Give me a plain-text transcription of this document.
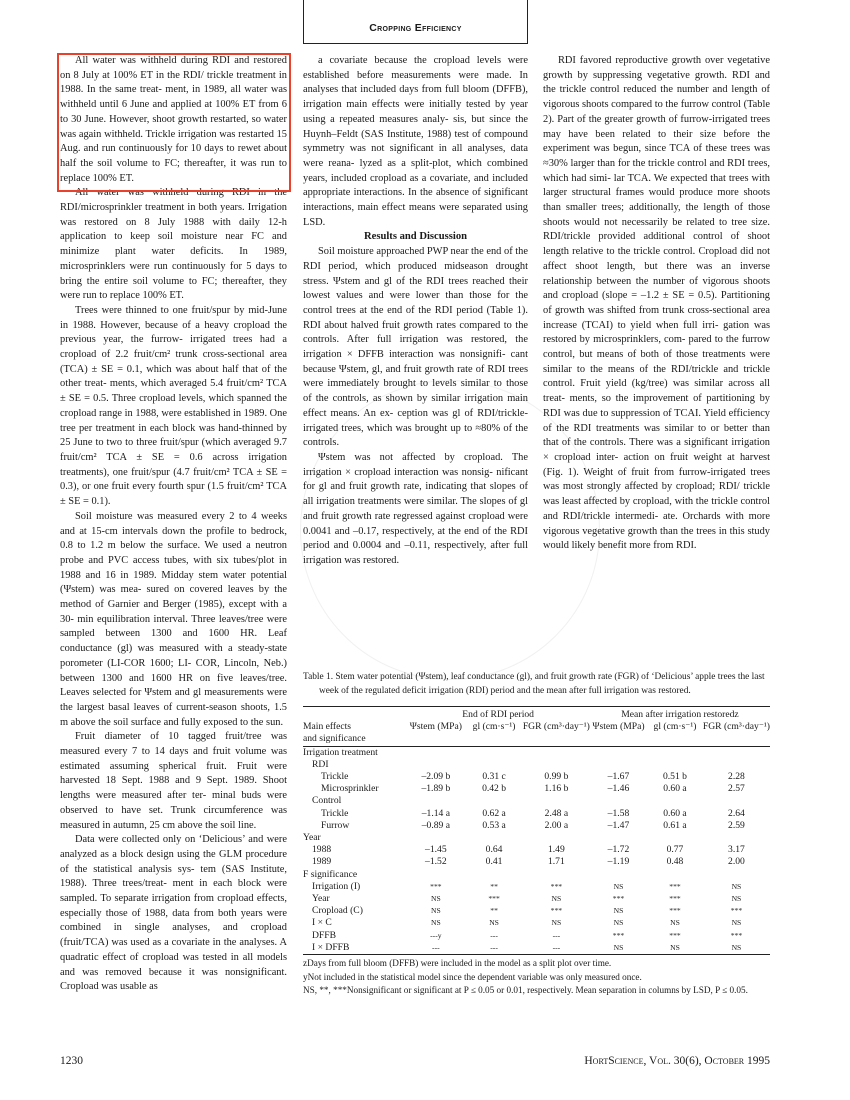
Cropping Efficiency

All water was withheld during RDI and restored on 8 July at 100% ET in the RDI/ trickle treatment in 1988. In the same treat- ment, in 1989, all water was withheld until 6 June and applied at 100% ET from 6 to 30 June. However, shoot growth restarted, so water was again withheld. Trickle irrigation was restarted 15 Aug. and run continuously for 10 days to rewet about half the soil volume to FC; thereafter, it was run to replace 100% ET.

All water was withheld during RDI in the RDI/microsprinkler treatment in both years. Irrigation was restored on 8 July 1988 with daily 12-h application to keep soil moisture near FC and minimize plant water deficits. In 1989, microsprinklers were run continuously for 5 days to bring the entire soil volume to FC; thereafter, they were run to replace 100% ET.

Trees were thinned to one fruit/spur by mid-June in 1988. However, because of a heavy cropload the previous year, the furrow- irrigated trees had a cropload of 2.2 fruit/cm² trunk cross-sectional area (TCA) ± SE = 0.1, which was about half that of the other treat- ments, which averaged 5.4 fruit/cm² TCA ± SE = 0.5. Three cropload levels, which spanned the cropload range in 1988, were established in 1989. One tree per treatment in each block was hand-thinned by 25 June to two to three fruit/spur (which averaged 9.7 fruit/cm² TCA ± SE = 0.6 across irrigation treatments), one fruit/spur (4.7 fruit/cm² TCA ± SE = 0.3), or one fruit every fourth spur (1.5 fruit/cm² TCA ± SE = 0.1).

Soil moisture was measured every 2 to 4 weeks and at 15-cm intervals down the profile to bedrock, 0.8 to 1.2 m below the surface. We used a neutron probe and PVC access tubes, with six tubes/plot in 1988 and 16 in 1989. Midday stem water potential (Ψstem) was mea- sured on covered leaves by the method of Garnier and Berger (1985), except with a 30- min equilibration interval. Three leaves/tree were sampled between 1300 and 1600 HR. Leaf conductance (gl) was measured with a steady-state porometer (LI-COR 1600; LI- COR, Lincoln, Neb.) between 1300 and 1600 HR on five leaves/tree. Leaves selected for Ψstem and gl measurements were the largest basal leaves of current-season shoots, 1.5 m above the soil surface and fully exposed to the sun.

Fruit diameter of 10 tagged fruit/tree was measured every 7 to 14 days and fruit volume was estimated assuming spherical fruit. Fruit were harvested 18 Sept. 1988 and 9 Sept. 1989. Shoot lengths were measured after ter- minal buds were observed to have set. Trunk circumference was measured in autumn, 25 cm above the soil line.

Data were collected only on ‘Delicious’ and were analyzed as a block design using the GLM procedure of the statistical analysis sys- tem (SAS Institute, 1988). Three trees/treat- ment in each block were sampled. To separate irrigation from cropload effects, especially those of 1988, data from both years were combined in single analyses, and cropload (fruit/TCA) was used as a covariate in the analyses. A quadratic effect of cropload was tested in all models and was removed because it was nonsignificant. Cropload was usable as

a covariate because the cropload levels were established before measurements were made. In analyses that included days from full bloom (DFFB), irrigation main effects were initially tested by year using a repeated measures analy- sis, but since the Huynh–Feldt (SAS Institute, 1988) test of compound symmetry was not significant in all analyses, data were reana- lyzed as a split-plot, which combined years, included cropload as a covariate, and included appropriate interactions. In the absence of significant interactions, main effect means were separated using LSD.

Results and Discussion

Soil moisture approached PWP near the end of the RDI period, which produced midseason drought stress. Ψstem and gl of the RDI trees reached their lowest values and were lower than those for the control trees at the end of the RDI period (Table 1). RDI about halved fruit growth rates compared to the controls. After full irrigation was restored, the irrigation × DFFB interaction was nonsignifi- cant because Ψstem, gl, and fruit growth rate of RDI trees were immediately brought to levels similar to those of the controls, as shown by similar irrigation main effect means. An ex- ception was gl of RDI/trickle-irrigated trees, which was brought up to ≈80% of the controls.

Ψstem was not affected by cropload. The irrigation × cropload interaction was nonsig- nificant for gl and fruit growth rate, indicating that slopes of all irrigation treatments were similar. The slopes of gl and fruit growth rate regressed against cropload were 0.0041 and –0.17, respectively, at the end of the RDI period and 0.0004 and –0.11, respectively, after full irrigation was restored.

RDI favored reproductive growth over vegetative growth by suppressing vegetative growth. RDI and the trickle control reduced the number and length of vigorous shoots compared to the furrow control (Table 2). Part of the greater growth of furrow-irrigated trees may have been related to their size before the experiment was begun, since TCA of these trees was ≈30% larger than for the trickle control and RDI trees, which had simi- lar TCA. We expected that trees with larger structural frames would produce more shoots than smaller trees; additionally, the length of those shoots would not necessarily be related to tree size. RDI/trickle provided additional control of shoot length relative to the trickle control. Cropload did not affect shoot length, but there was an inverse relationship between the number of vigorous shoots and cropload (slope = –1.2 ± SE = 0.5). Partitioning of growth was shifted from trunk cross-sectional area increase (TCAI) to yield when full irri- gation was restored by microsprinklers, com- pared to the furrow control, but means of both of those treatments were similar to the means of the RDI/trickle and trickle control. Fruit yield (kg/tree) was similar across all treat- ments, so the improvement of partitioning by RDI was due to suppression of TCAI. Yield efficiency of the RDI treatments was similar to or better than that of the controls. There was a significant irrigation × cropload inter- action on fruit weight at harvest (Fig. 1). Weight of fruit from furrow-irrigated trees was most strongly affected by cropload; RDI/ trickle was least affected by cropload, with the trickle control and RDI/trickle intermedi- ate. Orchards with more vigorous vegetative growth than the trees in this study would likely benefit more from RDI.

Table 1. Stem water potential (Ψstem), leaf conductance (gl), and fruit growth rate (FGR) of ‘Delicious’ apple trees the last week of the regulated deficit irrigation (RDI) period and the mean after full irrigation was restored.
	End of RDI period			Mean after irrigation restoredz		
Main effects	Ψstem (MPa)	gl (cm·s⁻¹)	FGR (cm³·day⁻¹)	Ψstem (MPa)	gl (cm·s⁻¹)	FGR (cm³·day⁻¹)
and significance						
Irrigation treatment						
RDI						
Trickle	–2.09 b	0.31 c	0.99 b	–1.67	0.51 b	2.28
Microsprinkler	–1.89 b	0.42 b	1.16 b	–1.46	0.60 a	2.57
Control						
Trickle	–1.14 a	0.62 a	2.48 a	–1.58	0.60 a	2.64
Furrow	–0.89 a	0.53 a	2.00 a	–1.47	0.61 a	2.59
Year						
1988	–1.45	0.64	1.49	–1.72	0.77	3.17
1989	–1.52	0.41	1.71	–1.19	0.48	2.00
F significance						
Irrigation (I)	***	**	***	NS	***	NS
Year	NS	***	NS	***	***	NS
Cropload (C)	NS	**	***	NS	***	***
I × C	NS	NS	NS	NS	NS	NS
DFFB	---y	---	---	***	***	***
I × DFFB	---	---	---	NS	NS	NS
zDays from full bloom (DFFB) were included in the model as a split plot over time.
yNot included in the statistical model since the dependent variable was only measured once.
NS, **, ***Nonsignificant or significant at P ≤ 0.05 or 0.01, respectively. Mean separation in columns by LSD, P ≤ 0.05.
1230	HortScience, Vol. 30(6), October 1995
